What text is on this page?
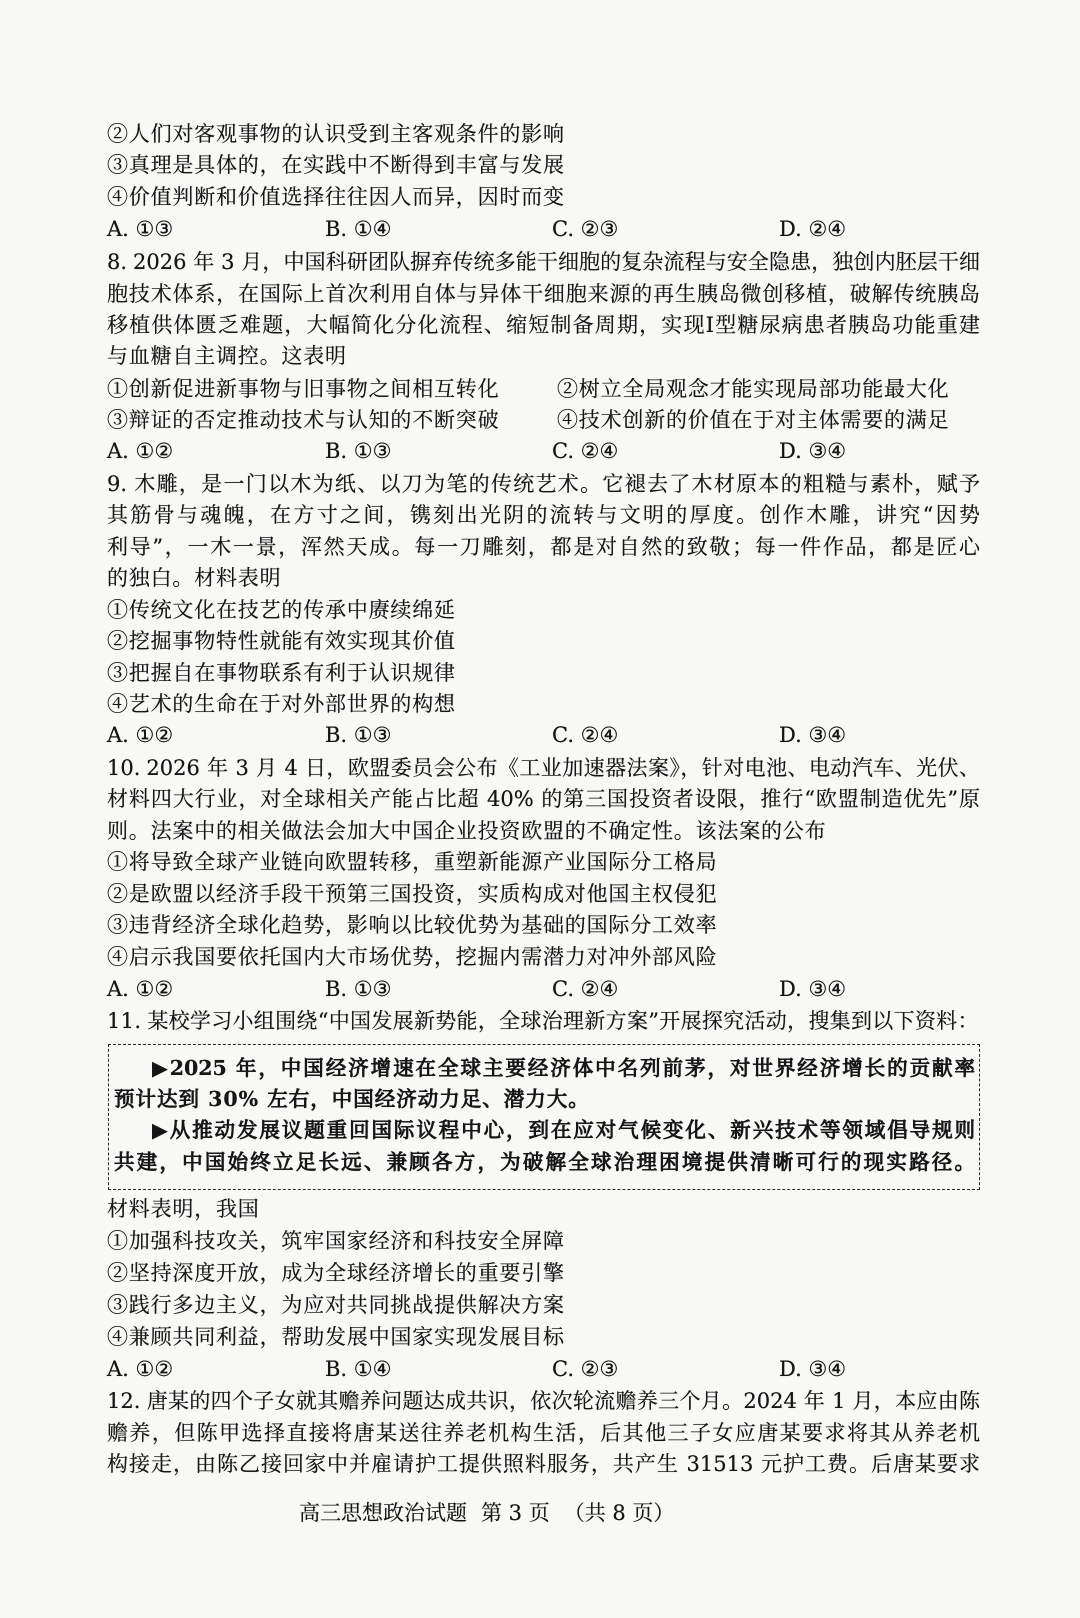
②人们对客观事物的认识受到主客观条件的影响
③真理是具体的，在实践中不断得到丰富与发展
④价值判断和价值选择往往因人而异，因时而变
A. ①③	B. ①④	C. ②③	D. ②④
8. 2026 年 3 月，中国科研团队摒弃传统多能干细胞的复杂流程与安全隐患，独创内胚层干细
胞技术体系，在国际上首次利用自体与异体干细胞来源的再生胰岛微创移植，破解传统胰岛
移植供体匮乏难题，大幅简化分化流程、缩短制备周期，实现Ⅰ型糖尿病患者胰岛功能重建
与血糖自主调控。这表明
①创新促进新事物与旧事物之间相互转化	②树立全局观念才能实现局部功能最大化
③辩证的否定推动技术与认知的不断突破	④技术创新的价值在于对主体需要的满足
A. ①②	B. ①③	C. ②④	D. ③④
9. 木雕，是一门以木为纸、以刀为笔的传统艺术。它褪去了木材原本的粗糙与素朴，赋予
其筋骨与魂魄，在方寸之间，镌刻出光阴的流转与文明的厚度。创作木雕，讲究“因势
利导”，一木一景，浑然天成。每一刀雕刻，都是对自然的致敬；每一件作品，都是匠心
的独白。材料表明
①传统文化在技艺的传承中赓续绵延
②挖掘事物特性就能有效实现其价值
③把握自在事物联系有利于认识规律
④艺术的生命在于对外部世界的构想
A. ①②	B. ①③	C. ②④	D. ③④
10. 2026 年 3 月 4 日，欧盟委员会公布《工业加速器法案》，针对电池、电动汽车、光伏、
材料四大行业，对全球相关产能占比超 40% 的第三国投资者设限，推行“欧盟制造优先”原
则。法案中的相关做法会加大中国企业投资欧盟的不确定性。该法案的公布
①将导致全球产业链向欧盟转移，重塑新能源产业国际分工格局
②是欧盟以经济手段干预第三国投资，实质构成对他国主权侵犯
③违背经济全球化趋势，影响以比较优势为基础的国际分工效率
④启示我国要依托国内大市场优势，挖掘内需潜力对冲外部风险
A. ①②	B. ①③	C. ②④	D. ③④
11. 某校学习小组围绕“中国发展新势能，全球治理新方案”开展探究活动，搜集到以下资料：
▶2025 年，中国经济增速在全球主要经济体中名列前茅，对世界经济增长的贡献率
预计达到 30% 左右，中国经济动力足、潜力大。
▶从推动发展议题重回国际议程中心，到在应对气候变化、新兴技术等领域倡导规则
共建，中国始终立足长远、兼顾各方，为破解全球治理困境提供清晰可行的现实路径。
材料表明，我国
①加强科技攻关，筑牢国家经济和科技安全屏障
②坚持深度开放，成为全球经济增长的重要引擎
③践行多边主义，为应对共同挑战提供解决方案
④兼顾共同利益，帮助发展中国家实现发展目标
A. ①②	B. ①④	C. ②③	D. ③④
12. 唐某的四个子女就其赡养问题达成共识，依次轮流赡养三个月。2024 年 1 月，本应由陈
赡养，但陈甲选择直接将唐某送往养老机构生活，后其他三子女应唐某要求将其从养老机
构接走，由陈乙接回家中并雇请护工提供照料服务，共产生 31513 元护工费。后唐某要求
高三思想政治试题 第 3 页 （共 8 页）
